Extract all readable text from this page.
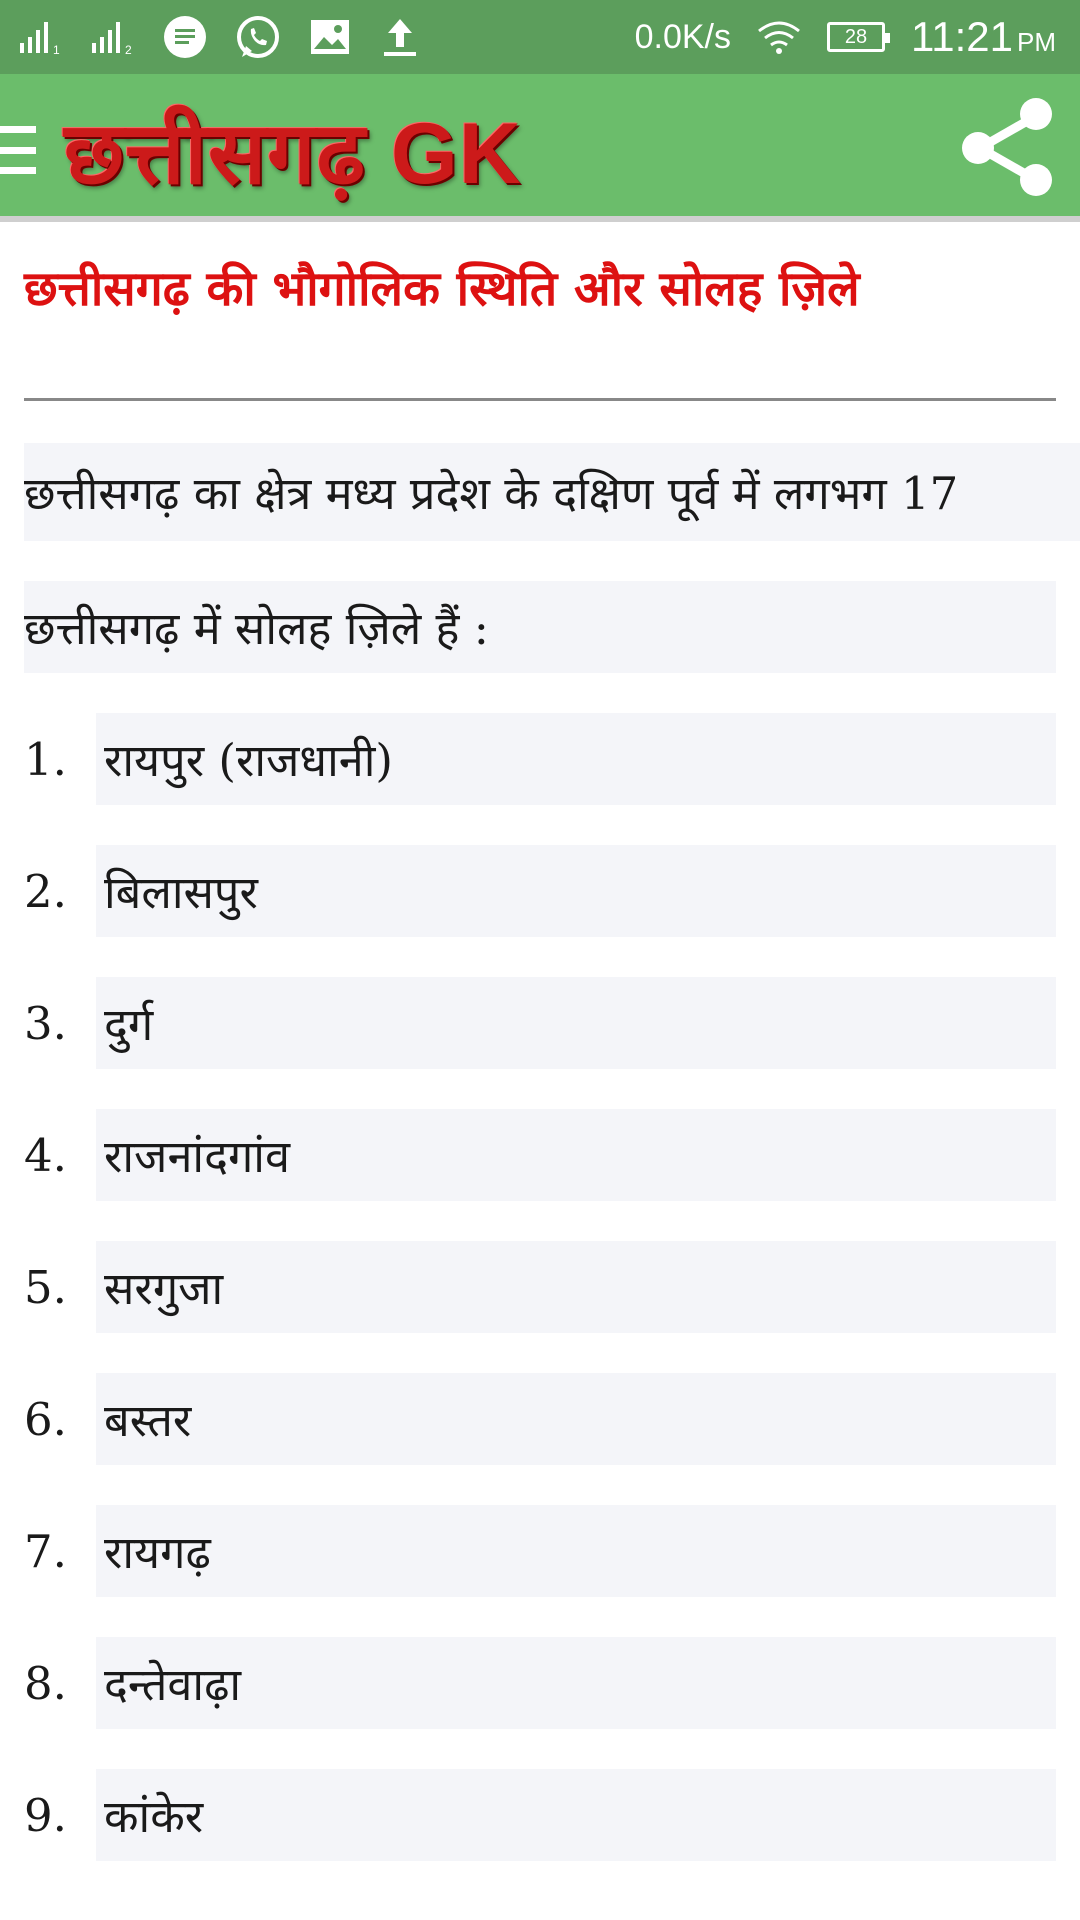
1	2	0.0K/s	28 11:21 PM
छत्तीसगढ़ GK
छत्तीसगढ़ की भौगोलिक स्थिति और सोलह ज़िले

छत्तीसगढ़ का क्षेत्र मध्य प्रदेश के दक्षिण पूर्व में लगभग 17

छत्तीसगढ़ में सोलह ज़िले हैं :

1. रायपुर (राजधानी)
2. बिलासपुर
3. दुर्ग
4. राजनांदगांव
5. सरगुजा
6. बस्तर
7. रायगढ़
8. दन्तेवाढ़ा
9. कांकेर
